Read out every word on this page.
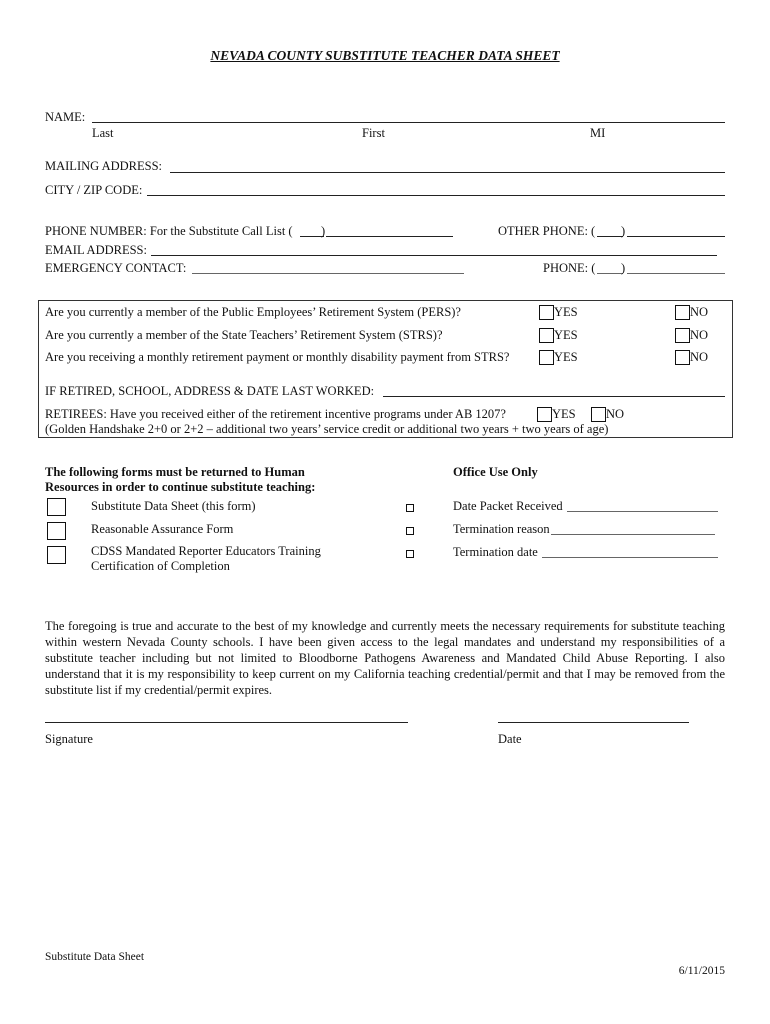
NEVADA COUNTY SUBSTITUTE TEACHER DATA SHEET
NAME:
Last	First	MI
MAILING ADDRESS:
CITY / ZIP CODE:
PHONE NUMBER: For the Substitute Call List ( )	OTHER PHONE: ( )
EMAIL ADDRESS:
EMERGENCY CONTACT:	PHONE: ( )
Are you currently a member of the Public Employees’ Retirement System (PERS)?	YES	NO
Are you currently a member of the State Teachers’ Retirement System (STRS)?	YES	NO
Are you receiving a monthly retirement payment or monthly disability payment from STRS?	YES	NO
IF RETIRED, SCHOOL, ADDRESS & DATE LAST WORKED:
RETIREES: Have you received either of the retirement incentive programs under AB 1207?	YES NO
(Golden Handshake 2+0 or 2+2 – additional two years’ service credit or additional two years + two years of age)
The following forms must be returned to Human
Resources in order to continue substitute teaching:
Substitute Data Sheet (this form)
Reasonable Assurance Form
CDSS Mandated Reporter Educators Training
Certification of Completion
Office Use Only
Date Packet Received
Termination reason
Termination date
The foregoing is true and accurate to the best of my knowledge and currently meets the necessary requirements for substitute teaching within western Nevada County schools. I have been given access to the legal mandates and understand my responsibilities of a substitute teacher including but not limited to Bloodborne Pathogens Awareness and Mandated Child Abuse Reporting. I also understand that it is my responsibility to keep current on my California teaching credential/permit and that I may be removed from the substitute list if my credential/permit expires.
Signature	Date
Substitute Data Sheet
6/11/2015
